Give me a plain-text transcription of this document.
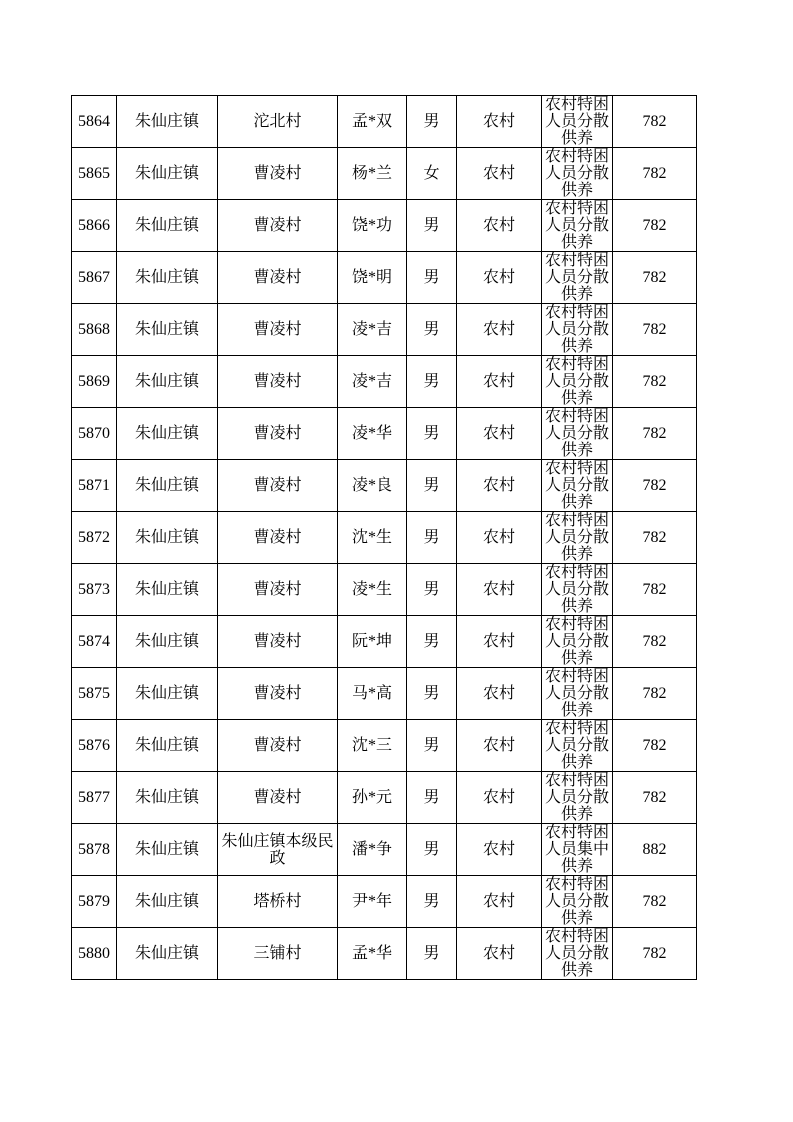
5864	朱仙庄镇	沱北村	孟*双	男	农村	农村特困人员分散供养	782
5865	朱仙庄镇	曹凌村	杨*兰	女	农村	农村特困人员分散供养	782
5866	朱仙庄镇	曹凌村	饶*功	男	农村	农村特困人员分散供养	782
5867	朱仙庄镇	曹凌村	饶*明	男	农村	农村特困人员分散供养	782
5868	朱仙庄镇	曹凌村	凌*吉	男	农村	农村特困人员分散供养	782
5869	朱仙庄镇	曹凌村	凌*吉	男	农村	农村特困人员分散供养	782
5870	朱仙庄镇	曹凌村	凌*华	男	农村	农村特困人员分散供养	782
5871	朱仙庄镇	曹凌村	凌*良	男	农村	农村特困人员分散供养	782
5872	朱仙庄镇	曹凌村	沈*生	男	农村	农村特困人员分散供养	782
5873	朱仙庄镇	曹凌村	凌*生	男	农村	农村特困人员分散供养	782
5874	朱仙庄镇	曹凌村	阮*坤	男	农村	农村特困人员分散供养	782
5875	朱仙庄镇	曹凌村	马*高	男	农村	农村特困人员分散供养	782
5876	朱仙庄镇	曹凌村	沈*三	男	农村	农村特困人员分散供养	782
5877	朱仙庄镇	曹凌村	孙*元	男	农村	农村特困人员分散供养	782
5878	朱仙庄镇	朱仙庄镇本级民政	潘*争	男	农村	农村特困人员集中供养	882
5879	朱仙庄镇	塔桥村	尹*年	男	农村	农村特困人员分散供养	782
5880	朱仙庄镇	三铺村	孟*华	男	农村	农村特困人员分散供养	782
